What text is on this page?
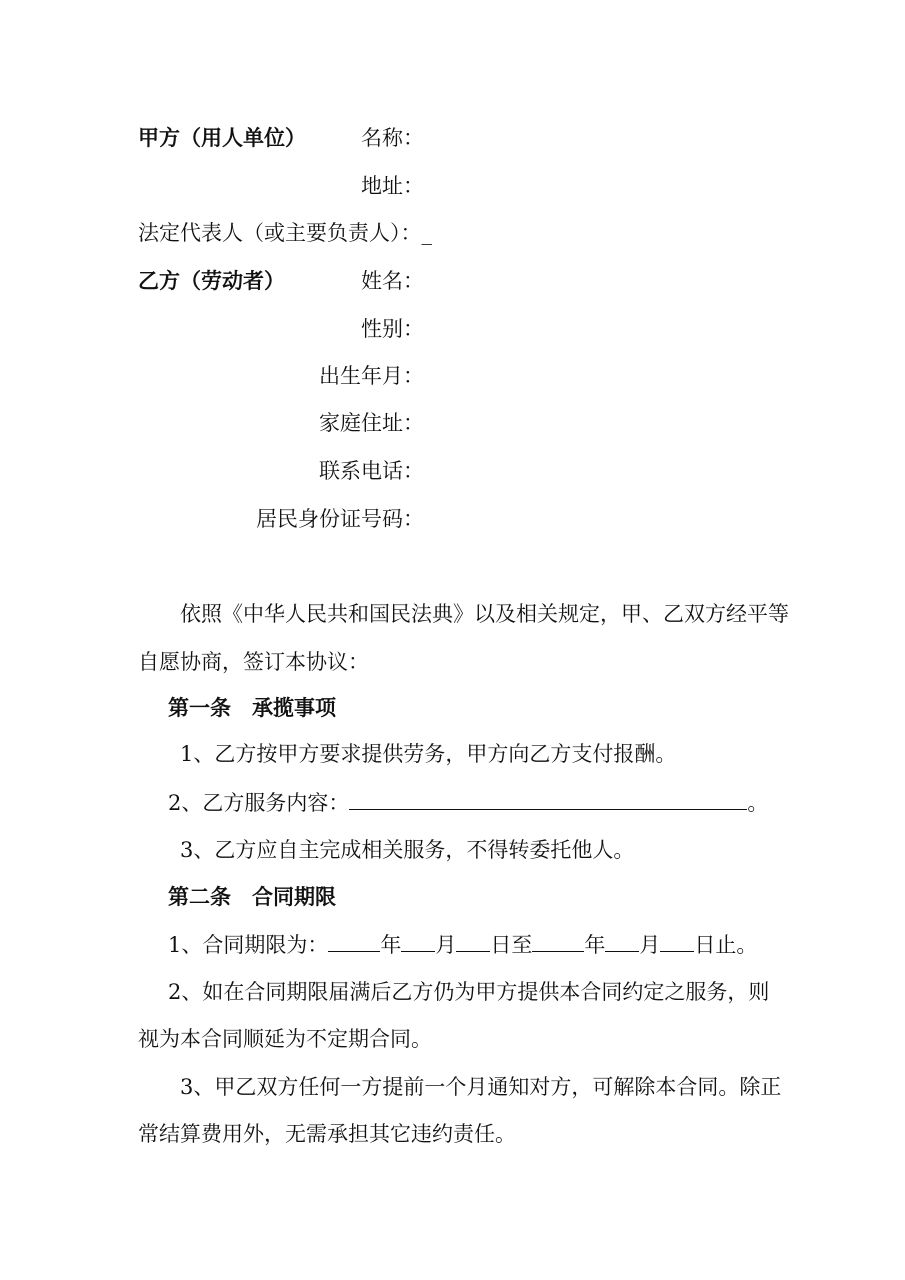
甲方（用人单位）	名称：
地址：
法定代表人（或主要负责人）：_
乙方（劳动者）	姓名：
性别：
出生年月：
家庭住址：
联系电话：
居民身份证号码：
依照《中华人民共和国民法典》以及相关规定，甲、乙双方经平等
自愿协商，签订本协议：
第一条　承揽事项
1、乙方按甲方要求提供劳务，甲方向乙方支付报酬。
2、乙方服务内容：	。
3、乙方应自主完成相关服务，不得转委托他人。
第二条　合同期限
1、合同期限为： 年 月 日至 年 月 日止。
2、如在合同期限届满后乙方仍为甲方提供本合同约定之服务，则
视为本合同顺延为不定期合同。
3、甲乙双方任何一方提前一个月通知对方，可解除本合同。除正
常结算费用外，无需承担其它违约责任。
